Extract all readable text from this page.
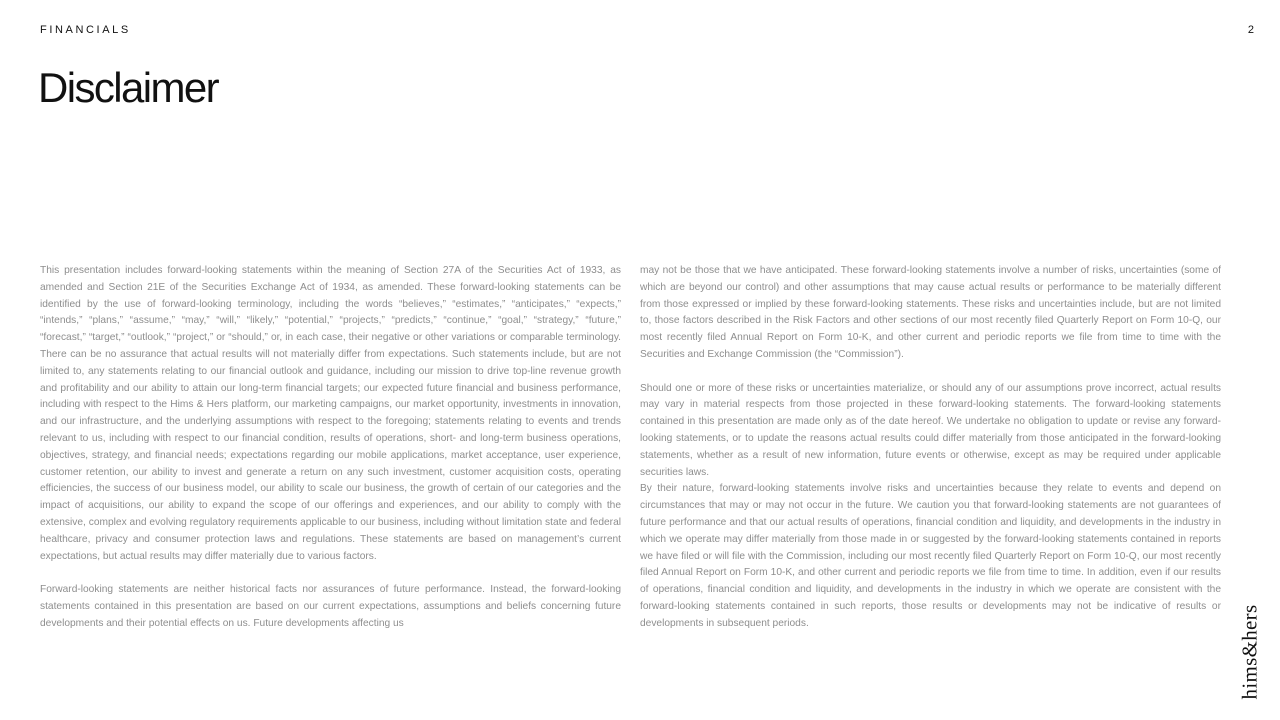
FINANCIALS	2
Disclaimer

This presentation includes forward-looking statements within the meaning of Section 27A of the Securities Act of 1933, as amended and Section 21E of the Securities Exchange Act of 1934, as amended. These forward-looking statements can be identified by the use of forward-looking terminology, including the words “believes,” “estimates,” “anticipates,” “expects,” “intends,” “plans,” “assume,” “may,” “will,” “likely,” “potential,” “projects,” “predicts,” “continue,” “goal,” “strategy,” “future,” “forecast,” “target,” “outlook,” “project,” or “should,” or, in each case, their negative or other variations or comparable terminology. There can be no assurance that actual results will not materially differ from expectations. Such statements include, but are not limited to, any statements relating to our financial outlook and guidance, including our mission to drive top-line revenue growth and profitability and our ability to attain our long-term financial targets; our expected future financial and business performance, including with respect to the Hims & Hers platform, our marketing campaigns, our market opportunity, investments in innovation, and our infrastructure, and the underlying assumptions with respect to the foregoing; statements relating to events and trends relevant to us, including with respect to our financial condition, results of operations, short- and long-term business operations, objectives, strategy, and financial needs; expectations regarding our mobile applications, market acceptance, user experience, customer retention, our ability to invest and generate a return on any such investment, customer acquisition costs, operating efficiencies, the success of our business model, our ability to scale our business, the growth of certain of our categories and the impact of acquisitions, our ability to expand the scope of our offerings and experiences, and our ability to comply with the extensive, complex and evolving regulatory requirements applicable to our business, including without limitation state and federal healthcare, privacy and consumer protection laws and regulations. These statements are based on management’s current expectations, but actual results may differ materially due to various factors.

Forward-looking statements are neither historical facts nor assurances of future performance. Instead, the forward-looking statements contained in this presentation are based on our current expectations, assumptions and beliefs concerning future developments and their potential effects on us. Future developments affecting us

may not be those that we have anticipated. These forward-looking statements involve a number of risks, uncertainties (some of which are beyond our control) and other assumptions that may cause actual results or performance to be materially different from those expressed or implied by these forward-looking statements. These risks and uncertainties include, but are not limited to, those factors described in the Risk Factors and other sections of our most recently filed Quarterly Report on Form 10-Q, our most recently filed Annual Report on Form 10-K, and other current and periodic reports we file from time to time with the Securities and Exchange Commission (the “Commission”).

Should one or more of these risks or uncertainties materialize, or should any of our assumptions prove incorrect, actual results may vary in material respects from those projected in these forward-looking statements. The forward-looking statements contained in this presentation are made only as of the date hereof. We undertake no obligation to update or revise any forward-looking statements, or to update the reasons actual results could differ materially from those anticipated in the forward-looking statements, whether as a result of new information, future events or otherwise, except as may be required under applicable securities laws.

By their nature, forward-looking statements involve risks and uncertainties because they relate to events and depend on circumstances that may or may not occur in the future. We caution you that forward-looking statements are not guarantees of future performance and that our actual results of operations, financial condition and liquidity, and developments in the industry in which we operate may differ materially from those made in or suggested by the forward-looking statements contained in reports we have filed or will file with the Commission, including our most recently filed Quarterly Report on Form 10-Q, our most recently filed Annual Report on Form 10-K, and other current and periodic reports we file from time to time. In addition, even if our results of operations, financial condition and liquidity, and developments in the industry in which we operate are consistent with the forward-looking statements contained in such reports, those results or developments may not be indicative of results or developments in subsequent periods.	hims&hers
